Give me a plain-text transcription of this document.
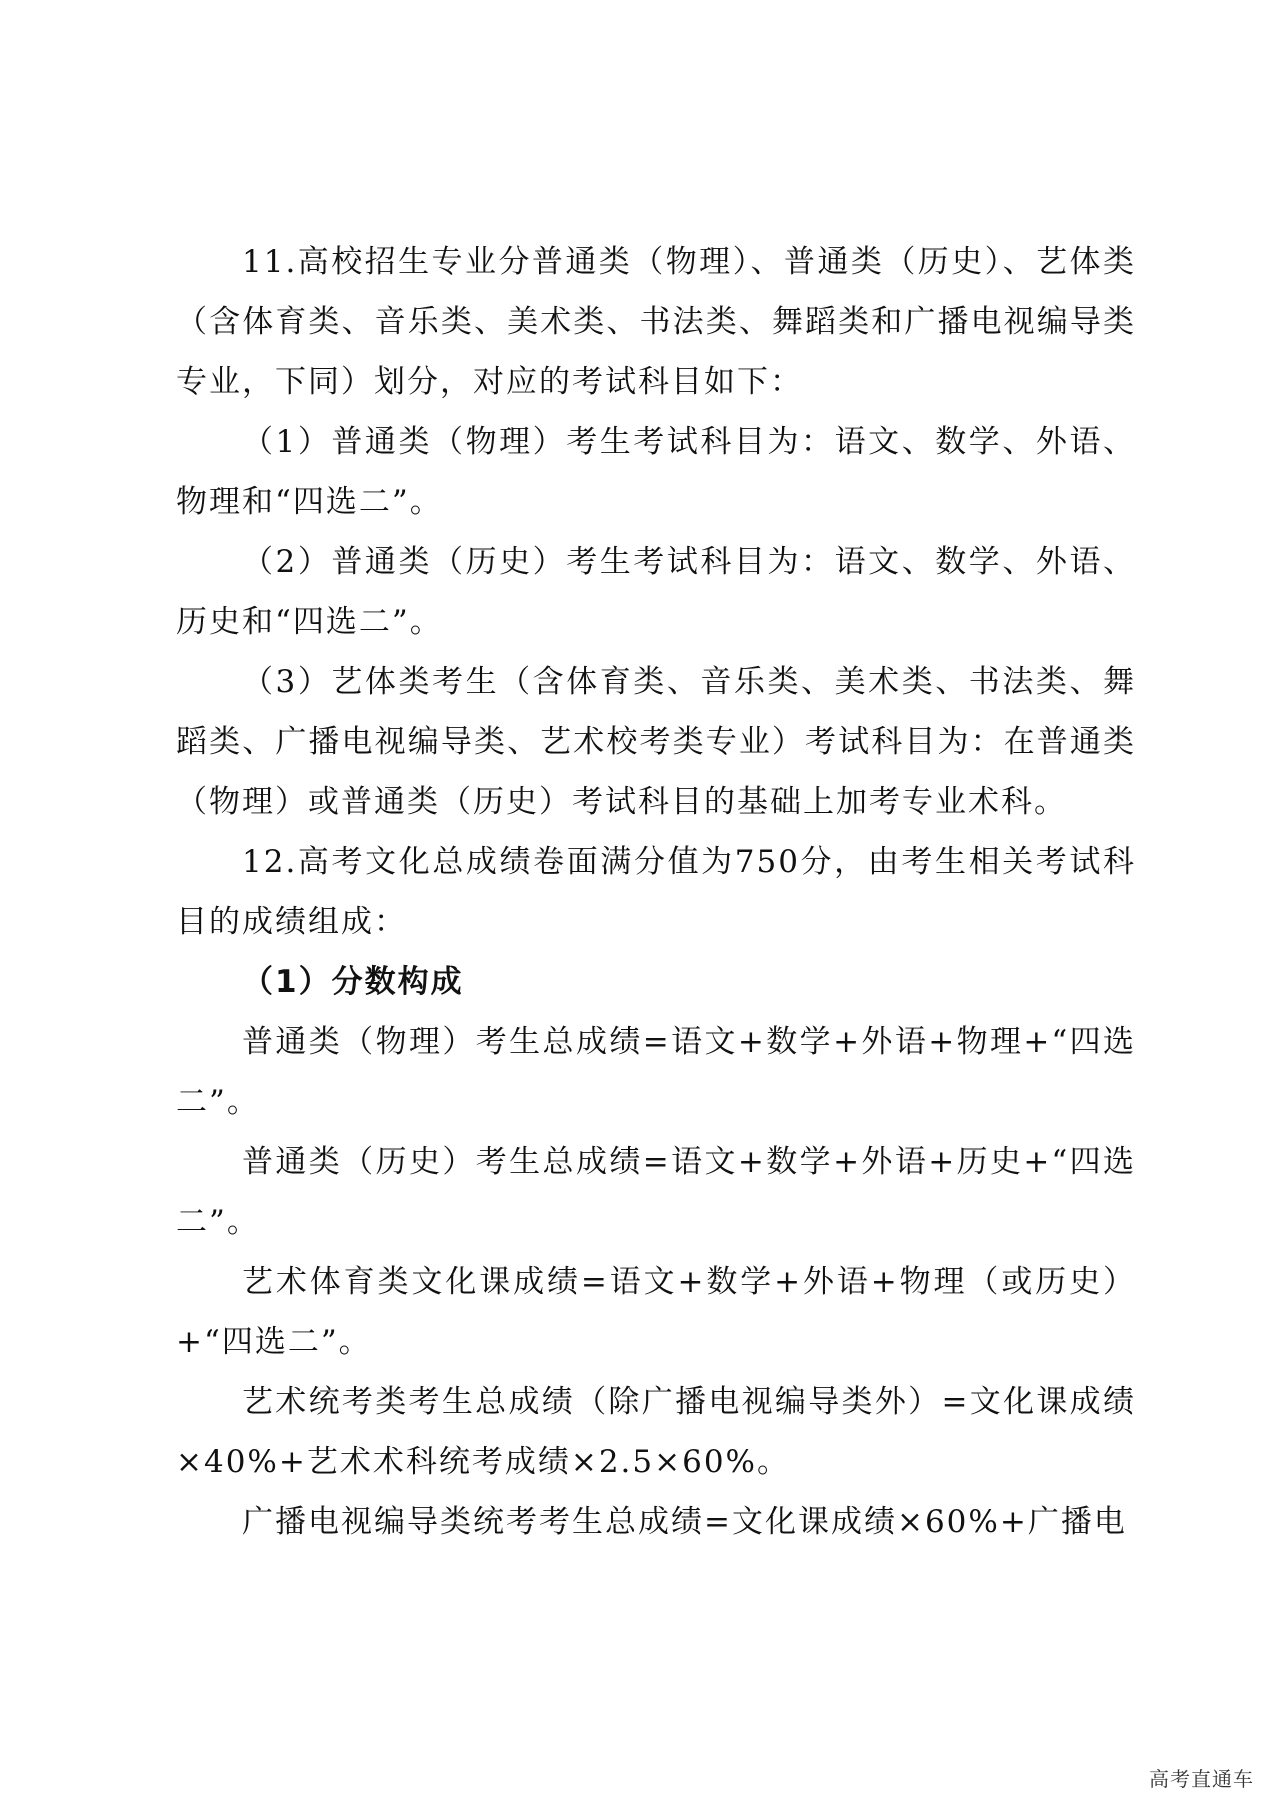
11.高校招生专业分普通类（物理）、普通类（历史）、艺体类（含体育类、音乐类、美术类、书法类、舞蹈类和广播电视编导类专业，下同）划分，对应的考试科目如下：

（1）普通类（物理）考生考试科目为：语文、数学、外语、物理和“四选二”。

（2）普通类（历史）考生考试科目为：语文、数学、外语、历史和“四选二”。

（3）艺体类考生（含体育类、音乐类、美术类、书法类、舞蹈类、广播电视编导类、艺术校考类专业）考试科目为：在普通类（物理）或普通类（历史）考试科目的基础上加考专业术科。

12.高考文化总成绩卷面满分值为750分，由考生相关考试科目的成绩组成：

（1）分数构成

普通类（物理）考生总成绩=语文+数学+外语+物理+“四选二”。

普通类（历史）考生总成绩=语文+数学+外语+历史+“四选二”。

艺术体育类文化课成绩=语文+数学+外语+物理（或历史）+“四选二”。

艺术统考类考生总成绩（除广播电视编导类外）=文化课成绩×40%+艺术术科统考成绩×2.5×60%。

广播电视编导类统考考生总成绩=文化课成绩×60%+广播电

高考直通车
